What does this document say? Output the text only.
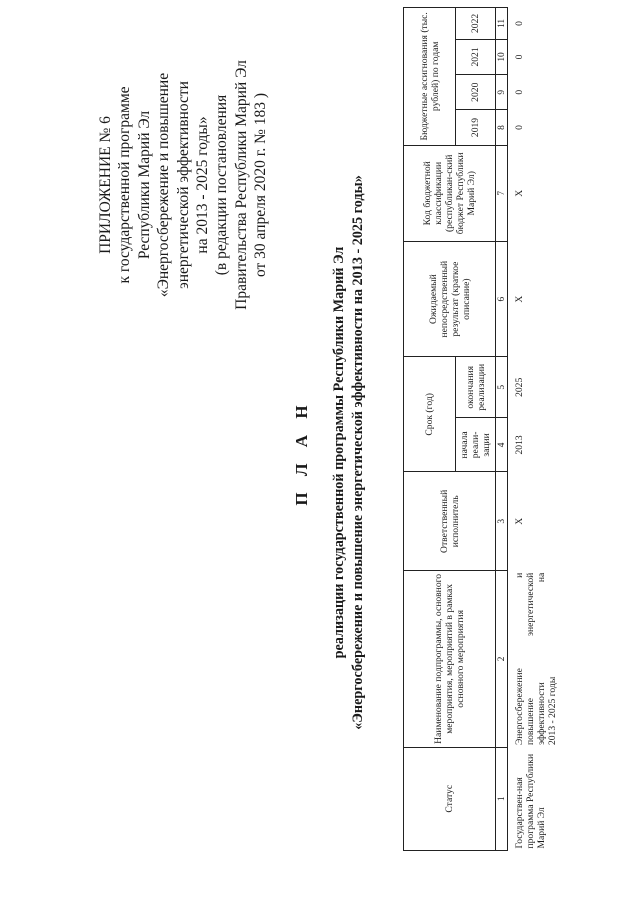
ПРИЛОЖЕНИЕ № 6 к государственной программе Республики Марий Эл «Энергосбережение и повышение энергетической эффективности на 2013 - 2025 годы» (в редакции постановления Правительства Республики Марий Эл от 30 апреля 2020 г. № 183 )
П Л А Н реализации государственной программы Республики Марий Эл «Энергосбережение и повышение энергетической эффективности на 2013 - 2025 годы»
Статус	Наименование подпрограммы, основного мероприятия, мероприятий в рамках основного мероприятия	Ответственный исполнитель	Срок (год)		Ожидаемый непосредственный результат (краткое описание)	Код бюджетной классификации (республикан-ский бюджет Республики Марий Эл)	Бюджетные ассигнования (тыс. рублей) по годам			
			начала реали-зации	окончания реализации			2019	2020	2021	2022
1	2	3	4	5	6	7	8	9	10	11
Государствен-ная программа Республики Марий Эл	Энергосбережение и повышение энергетической эффективности на 2013 - 2025 годы	Х	2013	2025	Х	Х	0	0	0	0
